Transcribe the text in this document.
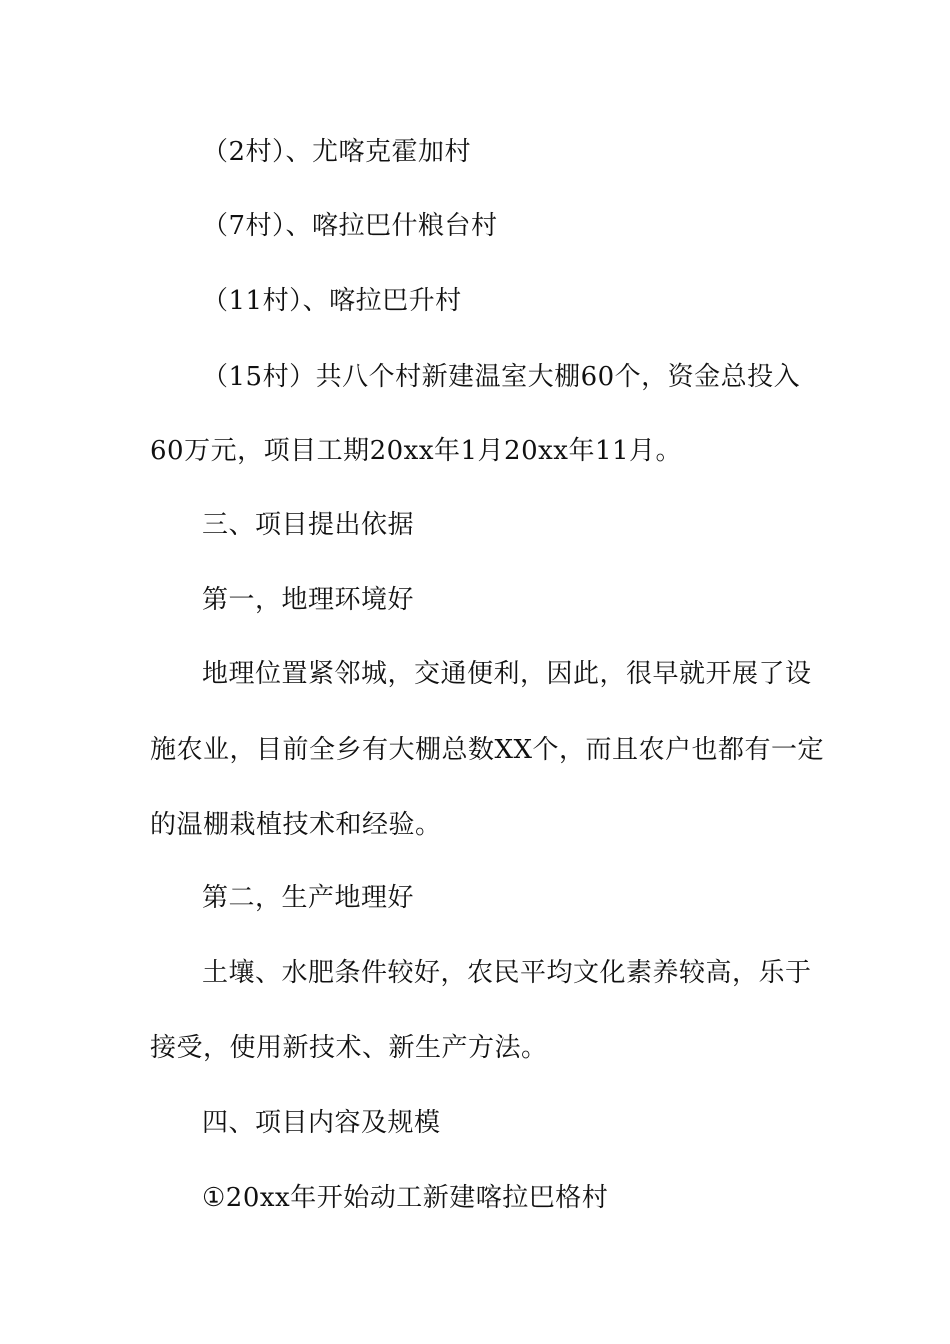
（2村）、尤喀克霍加村
（7村）、喀拉巴什粮台村
（11村）、喀拉巴升村
（15村）共八个村新建温室大棚60个，资金总投入
60万元，项目工期20xx年1月20xx年11月。
三、项目提出依据
第一，地理环境好
地理位置紧邻城，交通便利，因此，很早就开展了设
施农业，目前全乡有大棚总数XX个，而且农户也都有一定
的温棚栽植技术和经验。
第二，生产地理好
土壤、水肥条件较好，农民平均文化素养较高，乐于
接受，使用新技术、新生产方法。
四、项目内容及规模
①20xx年开始动工新建喀拉巴格村
